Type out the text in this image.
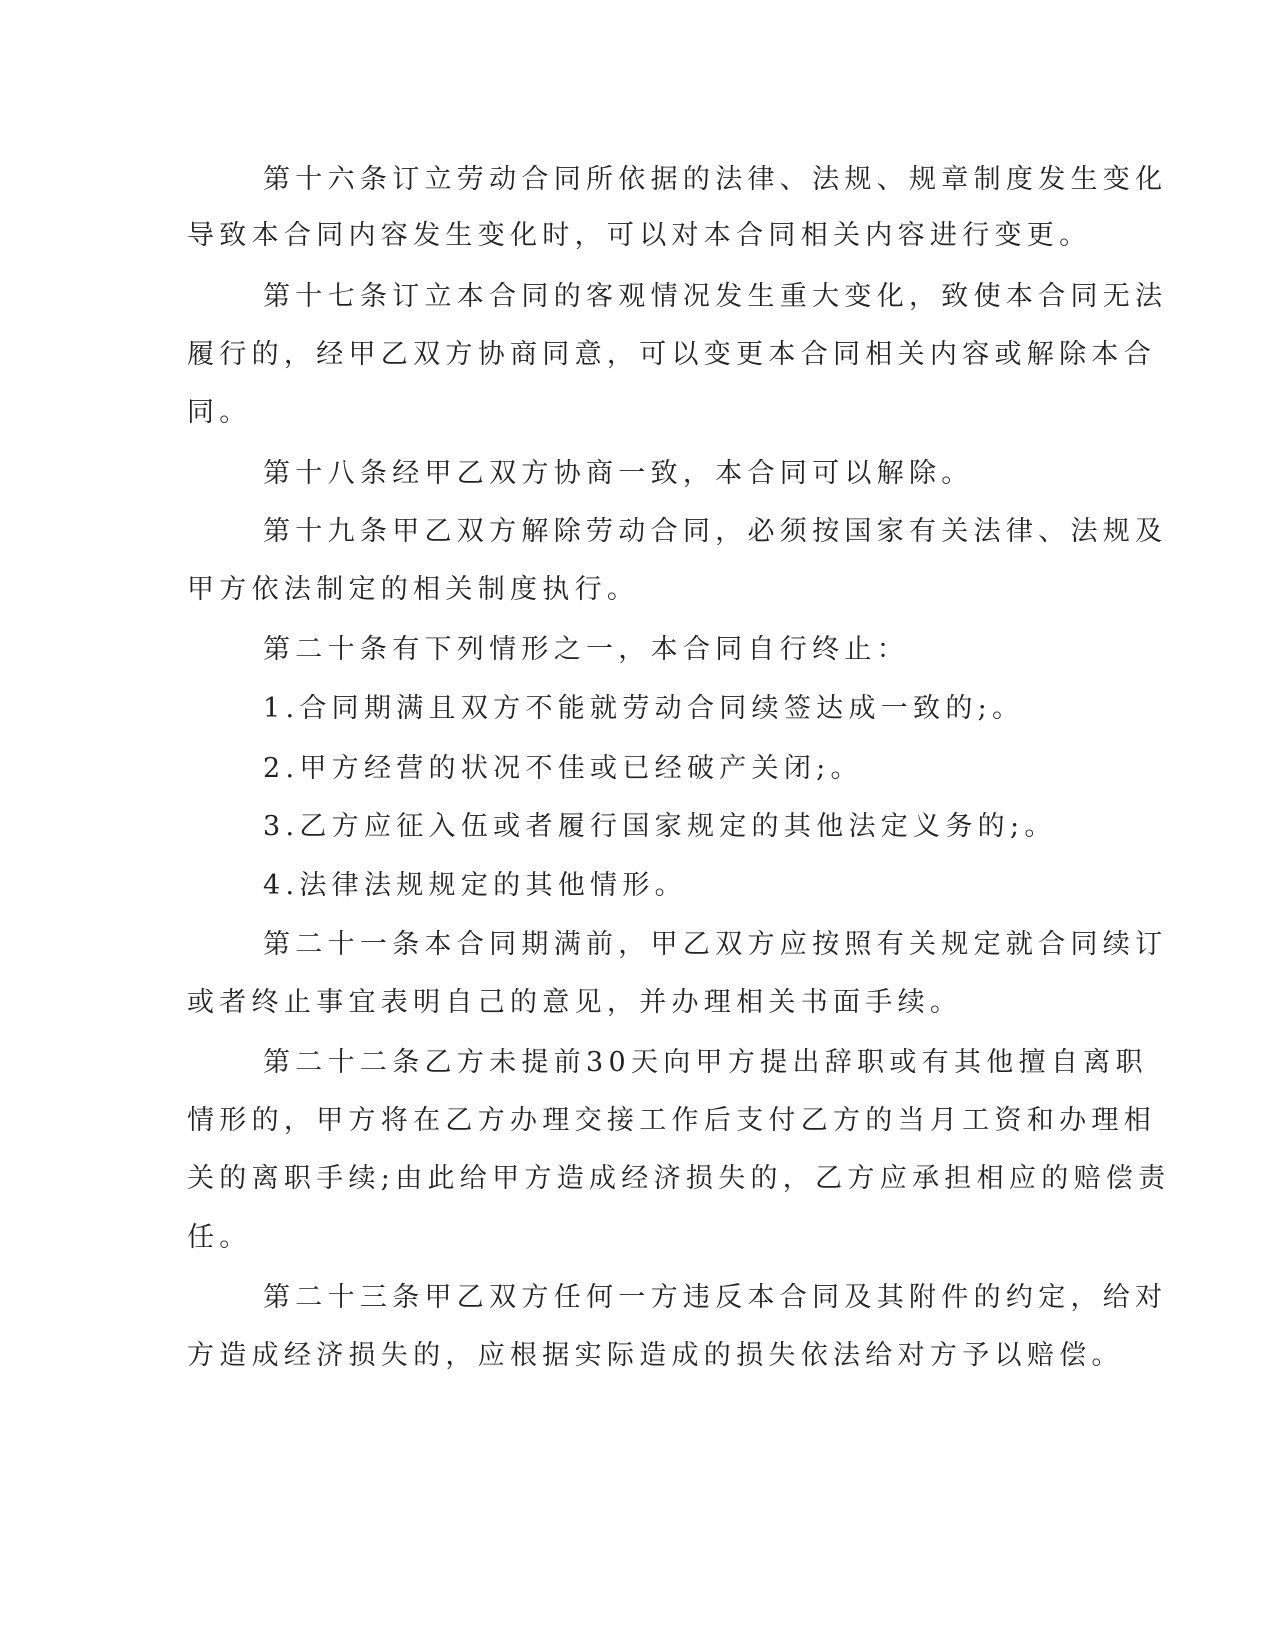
第十六条订立劳动合同所依据的法律、法规、规章制度发生变化
导致本合同内容发生变化时，可以对本合同相关内容进行变更。
第十七条订立本合同的客观情况发生重大变化，致使本合同无法
履行的，经甲乙双方协商同意，可以变更本合同相关内容或解除本合
同。
第十八条经甲乙双方协商一致，本合同可以解除。
第十九条甲乙双方解除劳动合同，必须按国家有关法律、法规及
甲方依法制定的相关制度执行。
第二十条有下列情形之一，本合同自行终止：
1.合同期满且双方不能就劳动合同续签达成一致的;。
2.甲方经营的状况不佳或已经破产关闭;。
3.乙方应征入伍或者履行国家规定的其他法定义务的;。
4.法律法规规定的其他情形。
第二十一条本合同期满前，甲乙双方应按照有关规定就合同续订
或者终止事宜表明自己的意见，并办理相关书面手续。
第二十二条乙方未提前30天向甲方提出辞职或有其他擅自离职
情形的，甲方将在乙方办理交接工作后支付乙方的当月工资和办理相
关的离职手续;由此给甲方造成经济损失的，乙方应承担相应的赔偿责
任。
第二十三条甲乙双方任何一方违反本合同及其附件的约定，给对
方造成经济损失的，应根据实际造成的损失依法给对方予以赔偿。
